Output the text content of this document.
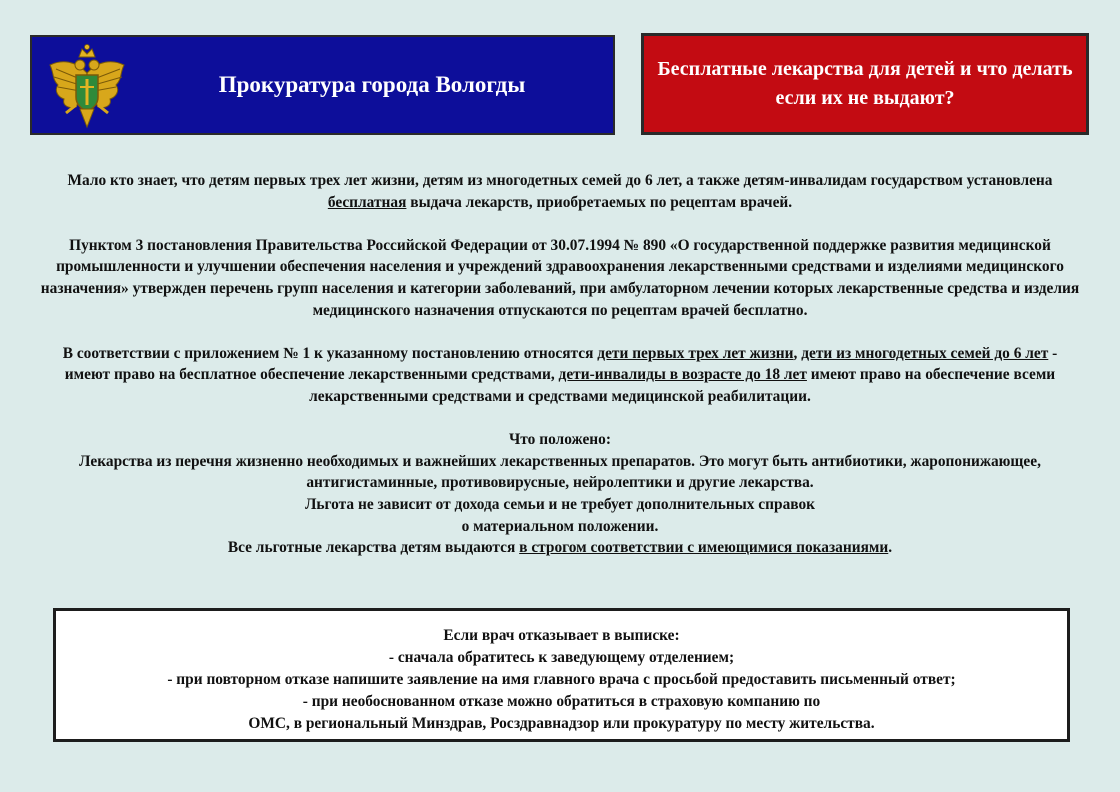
Прокуратура города Вологды
Бесплатные лекарства для детей и что делать если их не выдают?

Мало кто знает, что детям первых трех лет жизни, детям из многодетных семей до 6 лет, а также детям-инвалидам государством установлена бесплатная выдача лекарств, приобретаемых по рецептам врачей.

Пунктом 3 постановления Правительства Российской Федерации от 30.07.1994 № 890 «О государственной поддержке развития медицинской промышленности и улучшении обеспечения населения и учреждений здравоохранения лекарственными средствами и изделиями медицинского назначения» утвержден перечень групп населения и категории заболеваний, при амбулаторном лечении которых лекарственные средства и изделия медицинского назначения отпускаются по рецептам врачей бесплатно.

В соответствии с приложением № 1 к указанному постановлению относятся дети первых трех лет жизни, дети из многодетных семей до 6 лет - имеют право на бесплатное обеспечение лекарственными средствами, дети-инвалиды в возрасте до 18 лет имеют право на обеспечение всеми лекарственными средствами и средствами медицинской реабилитации.

Что положено:
Лекарства из перечня жизненно необходимых и важнейших лекарственных препаратов. Это могут быть антибиотики, жаропонижающее, антигистаминные, противовирусные, нейролептики и другие лекарства.
Льгота не зависит от дохода семьи и не требует дополнительных справок
о материальном положении.
Все льготные лекарства детям выдаются в строгом соответствии с имеющимися показаниями.
Если врач отказывает в выписке:
- сначала обратитесь к заведующему отделением;
- при повторном отказе напишите заявление на имя главного врача с просьбой предоставить письменный ответ;
- при необоснованном отказе можно обратиться в страховую компанию по
ОМС, в региональный Минздрав, Росздравнадзор или прокуратуру по месту жительства.
